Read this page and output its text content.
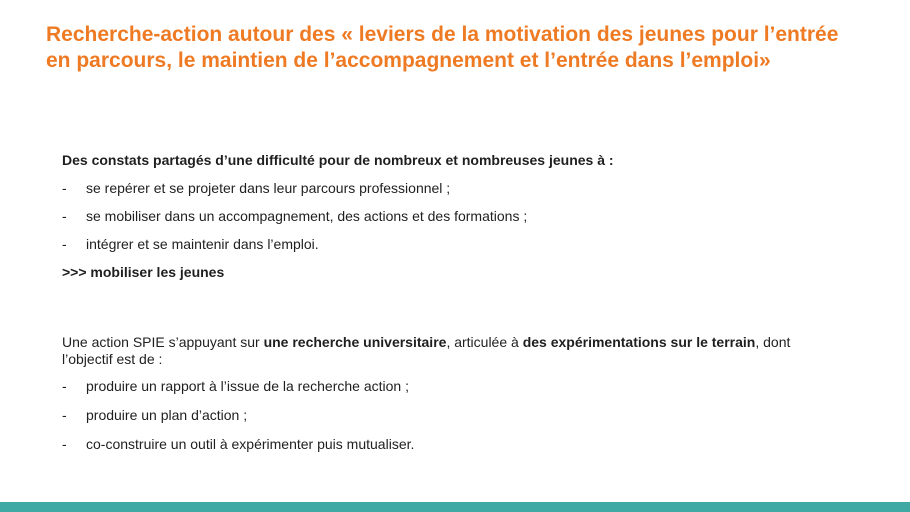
Recherche-action autour des « leviers de la motivation des jeunes pour l’entrée en parcours, le maintien de l’accompagnement et l’entrée dans l’emploi»

Des constats partagés d’une difficulté pour de nombreux et nombreuses jeunes à :

- se repérer et se projeter dans leur parcours professionnel ;
- se mobiliser dans un accompagnement, des actions et des formations ;
- intégrer et se maintenir dans l’emploi.
>>> mobiliser les jeunes

Une action SPIE s’appuyant sur une recherche universitaire, articulée à des expérimentations sur le terrain, dont l’objectif est de :

- produire un rapport à l’issue de la recherche action ;
- produire un plan d’action ;
- co-construire un outil à expérimenter puis mutualiser.
